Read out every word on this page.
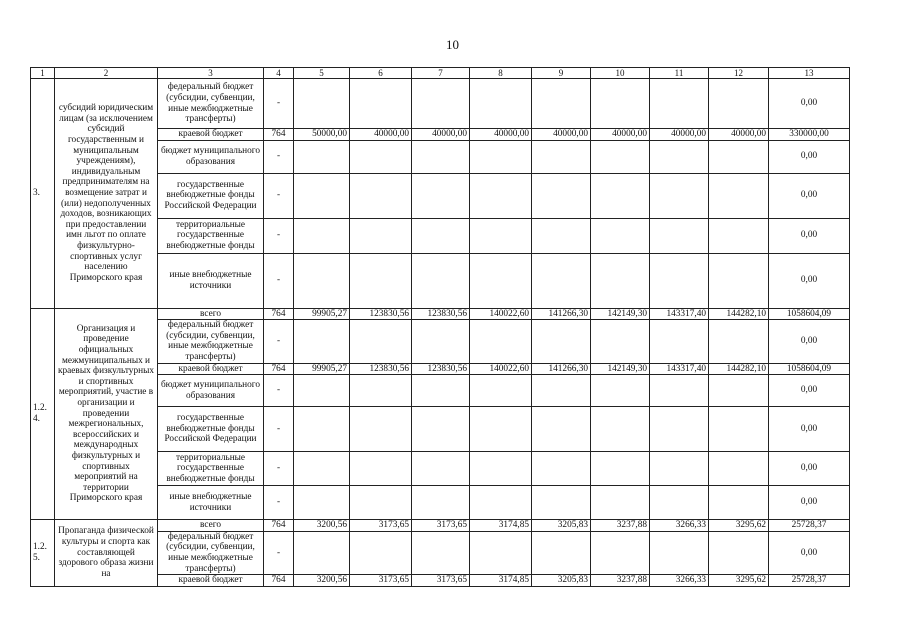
10
1	2	3	4	5	6	7	8	9	10	11	12	13
3.	субсидий юридическим лицам (за исключением субсидий государственным и муниципальным учреждениям), индивидуальным предпринимателям на возмещение затрат и (или) недополученных доходов, возникающих при предоставлении имн льгот по оплате физкультурно-спортивных услуг населению Приморского края	федеральный бюджет (субсидии, субвенции, иные межбюджетные трансферты)	-									0,00
		краевой бюджет	764	50000,00	40000,00	40000,00	40000,00	40000,00	40000,00	40000,00	40000,00	330000,00
		бюджет муниципального образования	-									0,00
		государственные внебюджетные фонды Российской Федерации	-									0,00
		территориальные государственные внебюджетные фонды	-									0,00
		иные внебюджетные источники	-									0,00
1.2.
4.	Организация и проведение официальных межмуниципальных и краевых физкультурных и спортивных мероприятий, участие в организации и проведении межрегиональных, всероссийских и международных физкультурных и спортивных мероприятий на территории Приморского края	всего	764	99905,27	123830,56	123830,56	140022,60	141266,30	142149,30	143317,40	144282,10	1058604,09
		федеральный бюджет (субсидии, субвенции, иные межбюджетные трансферты)	-									0,00
		краевой бюджет	764	99905,27	123830,56	123830,56	140022,60	141266,30	142149,30	143317,40	144282,10	1058604,09
		бюджет муниципального образования	-									0,00
		государственные внебюджетные фонды Российской Федерации	-									0,00
		территориальные государственные внебюджетные фонды	-									0,00
		иные внебюджетные источники	-									0,00
1.2.
5.	Пропаганда физической культуры и спорта как составляющей здорового образа жизни на	всего	764	3200,56	3173,65	3173,65	3174,85	3205,83	3237,88	3266,33	3295,62	25728,37
		федеральный бюджет (субсидии, субвенции, иные межбюджетные трансферты)	-									0,00
		краевой бюджет	764	3200,56	3173,65	3173,65	3174,85	3205,83	3237,88	3266,33	3295,62	25728,37
